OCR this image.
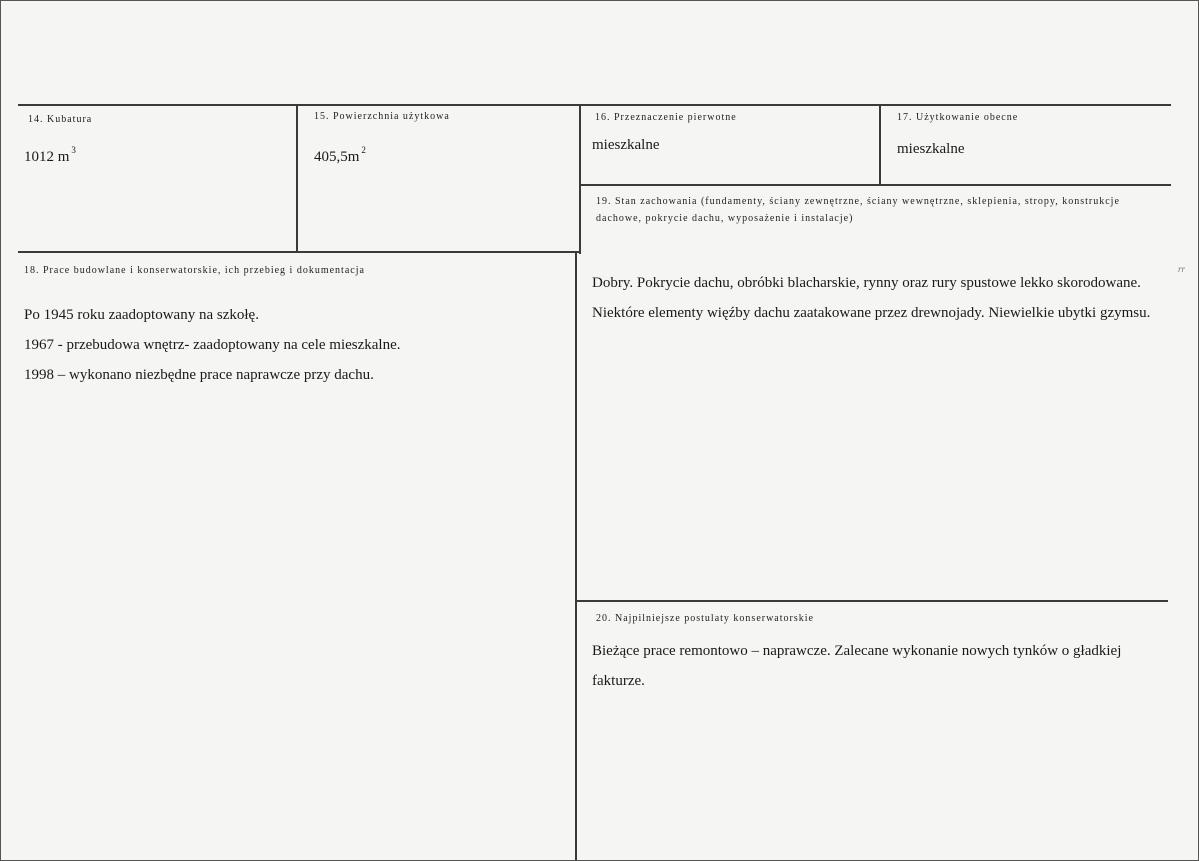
14. Kubatura
1012 m $^3$
15. Powierzchnia użytkowa
405,5m $^2$
16. Przeznaczenie pierwotne
mieszkalne
17. Użytkowanie obecne
mieszkalne
19. Stan zachowania (fundamenty, ściany zewnętrzne, ściany wewnętrzne, sklepienia, stropy, konstrukcje dachowe, pokrycie dachu, wyposażenie i instalacje)
Dobry. Pokrycie dachu, obróbki blacharskie, rynny oraz rury spustowe lekko skorodowane. Niektóre elementy więźby dachu zaatakowane przez drewnojady. Niewielkie ubytki gzymsu.
18. Prace budowlane i konserwatorskie, ich przebieg i dokumentacja

Po 1945 roku zaadoptowany na szkołę.

1967 - przebudowa wnętrz- zaadoptowany na cele mieszkalne.

1998 – wykonano niezbędne prace naprawcze przy dachu.

20. Najpilniejsze postulaty konserwatorskie
Bieżące prace remontowo – naprawcze. Zalecane wykonanie nowych tynków o gładkiej fakturze.
rr
